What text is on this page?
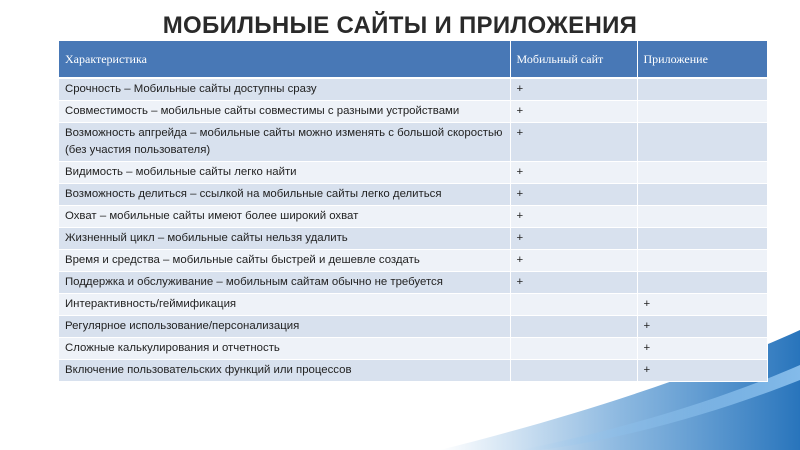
МОБИЛЬНЫЕ САЙТЫ И ПРИЛОЖЕНИЯ
Характеристика	Мобильный сайт	Приложение
Срочность – Мобильные сайты доступны сразу	+	
Совместимость – мобильные сайты совместимы с разными устройствами	+	
Возможность апгрейда – мобильные сайты можно изменять с большой скоростью (без участия пользователя)	+	
Видимость – мобильные сайты легко найти	+	
Возможность делиться – ссылкой на мобильные сайты легко делиться	+	
Охват – мобильные сайты имеют более широкий охват	+	
Жизненный цикл – мобильные сайты нельзя удалить	+	
Время и средства – мобильные сайты быстрей и дешевле создать	+	
Поддержка и обслуживание – мобильным сайтам обычно не требуется	+	
Интерактивность/геймификация		+
Регулярное использование/персонализация		+
Сложные калькулирования и отчетность		+
Включение пользовательских функций или процессов		+
